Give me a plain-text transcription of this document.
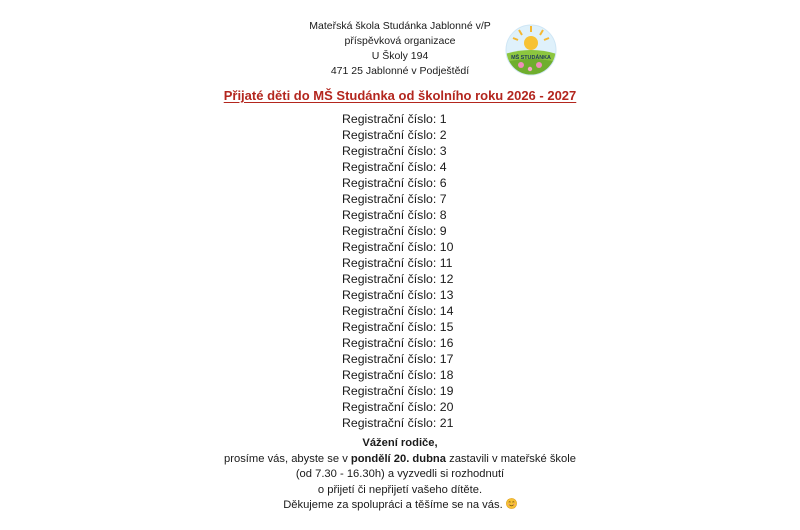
Mateřská škola Studánka Jablonné v/P
příspěvková organizace
U Školy 194
471 25 Jablonné v Podještědí
MŠ STUDÁNKA
Přijaté děti do MŠ Studánka od školního roku 2026 - 2027
Registrační číslo: 1
Registrační číslo: 2
Registrační číslo: 3
Registrační číslo: 4
Registrační číslo: 6
Registrační číslo: 7
Registrační číslo: 8
Registrační číslo: 9
Registrační číslo: 10
Registrační číslo: 11
Registrační číslo: 12
Registrační číslo: 13
Registrační číslo: 14
Registrační číslo: 15
Registrační číslo: 16
Registrační číslo: 17
Registrační číslo: 18
Registrační číslo: 19
Registrační číslo: 20
Registrační číslo: 21
Vážení rodiče,
prosíme vás, abyste se v pondělí 20. dubna zastavili v mateřské škole
(od 7.30 - 16.30h) a vyzvedli si rozhodnutí
o přijetí či nepřijetí vašeho dítěte.
Děkujeme za spolupráci a těšíme se na vás.
